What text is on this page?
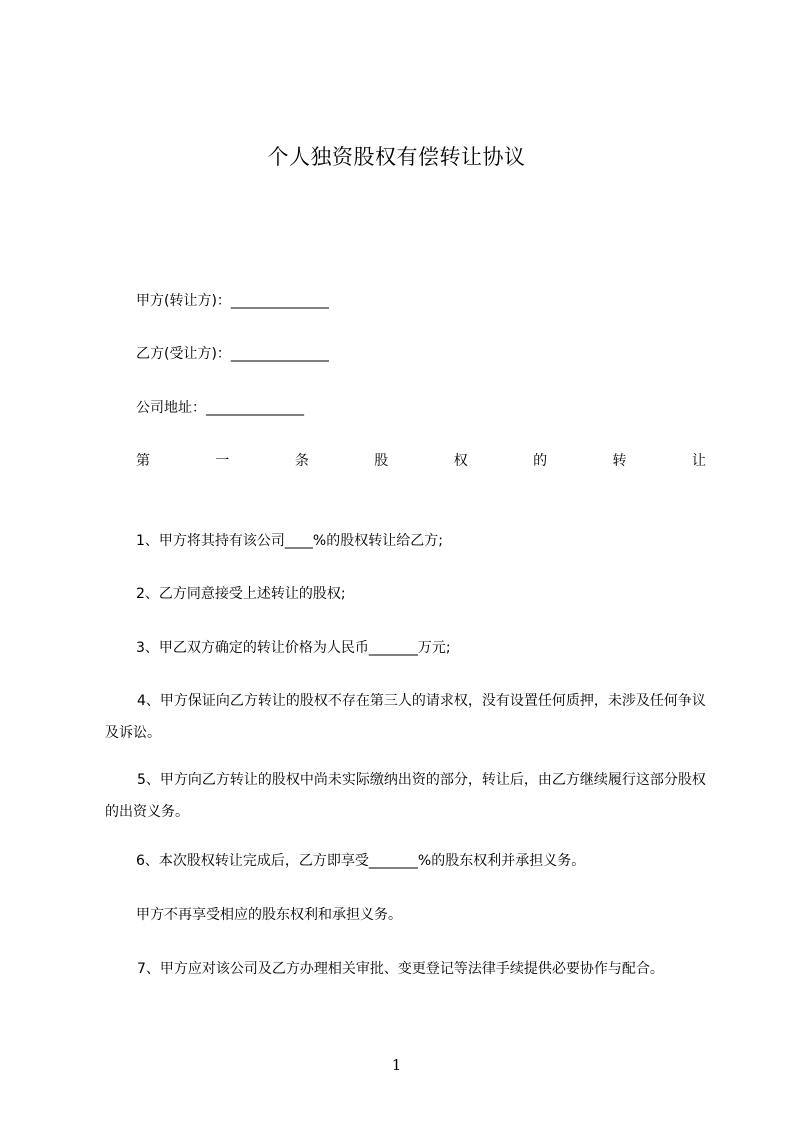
个人独资股权有偿转让协议
甲方(转让方)：______________
乙方(受让方)：______________
公司地址：______________
第	一	条	股	权	的	转	让
1、甲方将其持有该公司____%的股权转让给乙方;
2、乙方同意接受上述转让的股权;
3、甲乙双方确定的转让价格为人民币_______万元;
4、甲方保证向乙方转让的股权不存在第三人的请求权，没有设置任何质押，未涉及任何争议及诉讼。
5、甲方向乙方转让的股权中尚未实际缴纳出资的部分，转让后，由乙方继续履行这部分股权的出资义务。
6、本次股权转让完成后，乙方即享受_______%的股东权利并承担义务。
甲方不再享受相应的股东权利和承担义务。
7、甲方应对该公司及乙方办理相关审批、变更登记等法律手续提供必要协作与配合。
1
